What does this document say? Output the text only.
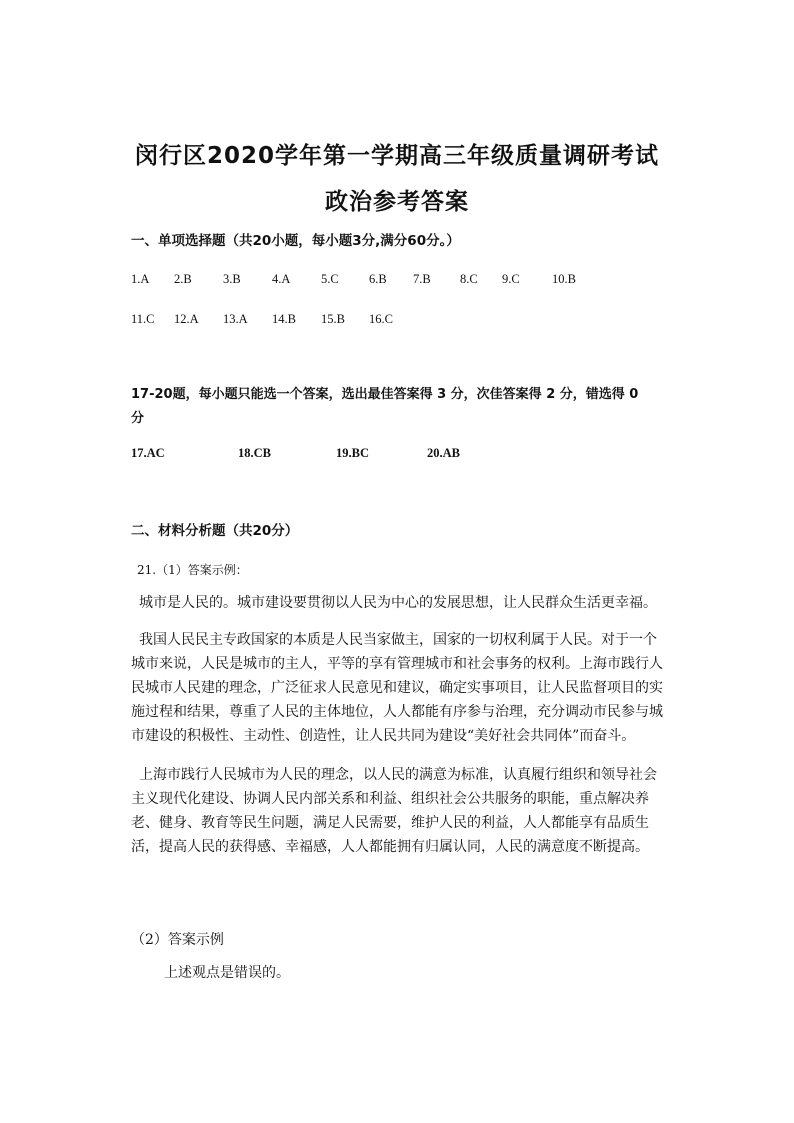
闵行区2020学年第一学期高三年级质量调研考试
政治参考答案
一、单项选择题（共20小题，每小题3分,满分60分。）
1.A 2.B	3.B	4.A 5.C 6.B 7.B 8.C 9.C	10.B
11.C 12.A 13.A 14.B 15.B 16.C
17-20题，每小题只能选一个答案，选出最佳答案得 3 分，次佳答案得 2 分，错选得 0
分
17.AC	18.CB	19.BC	20.AB
二、材料分析题（共20分）
21.（1）答案示例：

城市是人民的。城市建设要贯彻以人民为中心的发展思想，让人民群众生活更幸福。

我国人民民主专政国家的本质是人民当家做主，国家的一切权利属于人民。对于一个城市来说，人民是城市的主人，平等的享有管理城市和社会事务的权利。上海市践行人民城市人民建的理念，广泛征求人民意见和建议，确定实事项目，让人民监督项目的实施过程和结果，尊重了人民的主体地位，人人都能有序参与治理，充分调动市民参与城市建设的积极性、主动性、创造性，让人民共同为建设“美好社会共同体”而奋斗。

上海市践行人民城市为人民的理念，以人民的满意为标准，认真履行组织和领导社会主义现代化建设、协调人民内部关系和利益、组织社会公共服务的职能，重点解决养老、健身、教育等民生问题，满足人民需要，维护人民的利益，人人都能享有品质生活，提高人民的获得感、幸福感，人人都能拥有归属认同，人民的满意度不断提高。

（2）答案示例
上述观点是错误的。
